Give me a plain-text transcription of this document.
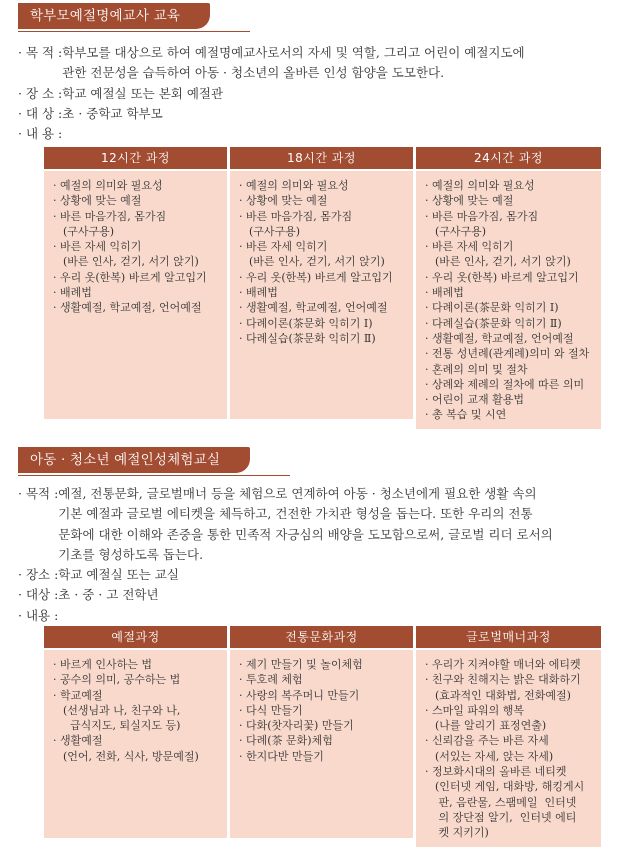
학부모예절명예교사 교육
· 목 적 : 학부모를 대상으로 하여 예절명예교사로서의 자세 및 역할, 그리고 어린이 예절지도에
관한 전문성을 습득하여 아동 · 청소년의 올바른 인성 함양을 도모한다.
· 장 소 : 학교 예절실 또는 본회 예절관
· 대 상 : 초 · 중학교 학부모
· 내 용 :
12시간 과정
· 예절의 의미와 필요성
· 상황에 맞는 예절
· 바른 마음가짐, 몸가짐
(구사구용)
· 바른 자세 익히기
(바른 인사, 걷기, 서기 앉기)
· 우리 옷(한복) 바르게 알고입기
· 배례법
· 생활예절, 학교예절, 언어예절
18시간 과정
· 예절의 의미와 필요성
· 상황에 맞는 예절
· 바른 마음가짐, 몸가짐
(구사구용)
· 바른 자세 익히기
(바른 인사, 걷기, 서기 앉기)
· 우리 옷(한복) 바르게 알고입기
· 배례법
· 생활예절, 학교예절, 언어예절
· 다례이론(茶문화 익히기 Ⅰ)
· 다례실습(茶문화 익히기 Ⅱ)
24시간 과정
· 예절의 의미와 필요성
· 상황에 맞는 예절
· 바른 마음가짐, 몸가짐
(구사구용)
· 바른 자세 익히기
(바른 인사, 걷기, 서기 앉기)
· 우리 옷(한복) 바르게 알고입기
· 배례법
· 다례이론(茶문화 익히기 Ⅰ)
· 다례실습(茶문화 익히기 Ⅱ)
· 생활예절, 학교예절, 언어예절
· 전통 성년례(관계례)의미 와 절차
· 혼례의 의미 및 절차
· 상례와 제례의 절차에 따른 의미
· 어린이 교재 활용법
· 총 복습 및 시연
아동 · 청소년 예절인성체험교실
· 목적 : 예절, 전통문화, 글로벌매너 등을 체험으로 연계하여 아동 · 청소년에게 필요한 생활 속의
기본 예절과 글로벌 에티켓을 체득하고, 건전한 가치관 형성을 돕는다. 또한 우리의 전통
문화에 대한 이해와 존중을 통한 민족적 자긍심의 배양을 도모함으로써, 글로벌 리더 로서의
기초를 형성하도록 돕는다.
· 장소 : 학교 예절실 또는 교실
· 대상 : 초 · 중 · 고 전학년
· 내용 :
예절과정
· 바르게 인사하는 법
· 공수의 의미, 공수하는 법
· 학교예절
(선생님과 나, 친구와 나,
급식지도, 퇴실지도 등)
· 생활예절
(언어, 전화, 식사, 방문예절)
전통문화과정
· 제기 만들기 및 놀이체험
· 투호례 체험
· 사랑의 복주머니 만들기
· 다식 만들기
· 다화(찻자리꽃) 만들기
· 다례(茶 문화)체험
· 한지다반 만들기
글로벌매너과정
· 우리가 지켜야할 매너와 에티켓
· 친구와 친해지는 밝은 대화하기
(효과적인 대화법, 전화예절)
· 스마일 파워의 행복
(나를 알리기 표정연출)
· 신뢰감을 주는 바른 자세
(서있는 자세, 앉는 자세)
· 정보화시대의 올바른 네티켓
(인터넷 게임, 대화방, 해킹게시
판, 음란물, 스팸메일  인터넷
의 장단점 알기,  인터넷 에티
켓 지키기)
